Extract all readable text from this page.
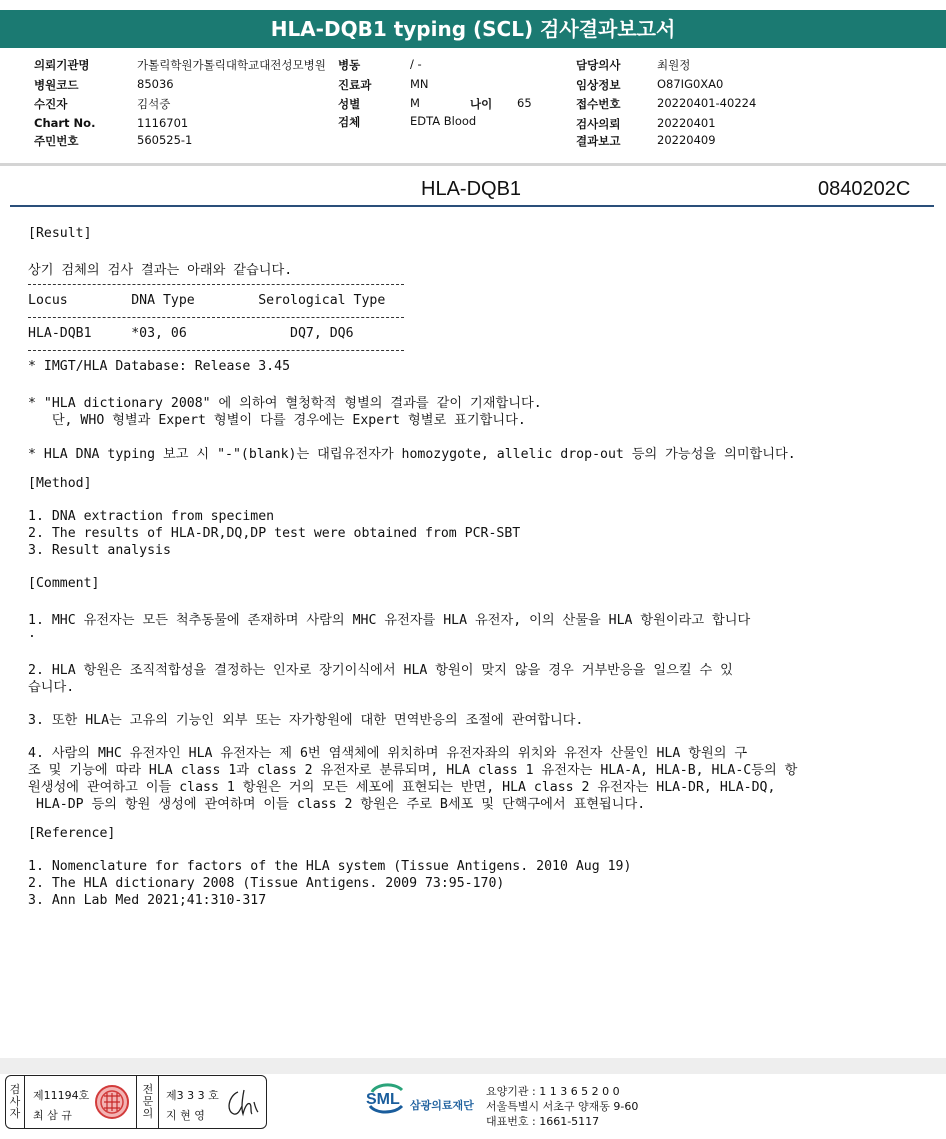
HLA-DQB1 typing (SCL) 검사결과보고서
의뢰기관명	가톨릭학원가톨릭대학교대전성모병원 병동	/ -	담당의사	최원정
병원코드	85036	진료과	MN	임상정보	O87IG0XA0
수진자	김석중	성별	M	나이 65	접수번호	20220401-40224
Chart No.	1116701	검체	EDTA Blood	검사의뢰	20220401
주민번호	560525-1	결과보고	20220409
HLA-DQB1	0840202C
[Result]
상기 검체의 검사 결과는 아래와 같습니다.
Locus        DNA Type        Serological Type
HLA-DQB1     *03, 06             DQ7, DQ6
* IMGT/HLA Database: Release 3.45
* "HLA dictionary 2008" 에 의하여 혈청학적 형별의 결과를 같이 기재합니다.
단, WHO 형별과 Expert 형별이 다를 경우에는 Expert 형별로 표기합니다.
* HLA DNA typing 보고 시 "-"(blank)는 대립유전자가 homozygote, allelic drop-out 등의 가능성을 의미합니다.
[Method]
1. DNA extraction from specimen
2. The results of HLA-DR,DQ,DP test were obtained from PCR-SBT
3. Result analysis
[Comment]
1. MHC 유전자는 모든 척추동물에 존재하며 사람의 MHC 유전자를 HLA 유전자, 이의 산물을 HLA 항원이라고 합니다
.
2. HLA 항원은 조직적합성을 결정하는 인자로 장기이식에서 HLA 항원이 맞지 않을 경우 거부반응을 일으킬 수 있
습니다.
3. 또한 HLA는 고유의 기능인 외부 또는 자가항원에 대한 면역반응의 조절에 관여합니다.
4. 사람의 MHC 유전자인 HLA 유전자는 제 6번 염색체에 위치하며 유전자좌의 위치와 유전자 산물인 HLA 항원의 구
조 및 기능에 따라 HLA class 1과 class 2 유전자로 분류되며, HLA class 1 유전자는 HLA-A, HLA-B, HLA-C등의 항
원생성에 관여하고 이들 class 1 항원은 거의 모든 세포에 표현되는 반면, HLA class 2 유전자는 HLA-DR, HLA-DQ,
HLA-DP 등의 항원 생성에 관여하며 이들 class 2 항원은 주로 B세포 및 단핵구에서 표현됩니다.
[Reference]
1. Nomenclature for factors of the HLA system (Tissue Antigens. 2010 Aug 19)
2. The HLA dictionary 2008 (Tissue Antigens. 2009 73:95-170)
3. Ann Lab Med 2021;41:310-317
검사자
제11194호
최 삼 규
전문의
제3 3 3 호
지 현 영
SML 삼광의료재단
요양기관 : 1 1 3 6 5 2 0 0
서울특별시 서초구 양재동 9-60
대표번호 : 1661-5117
